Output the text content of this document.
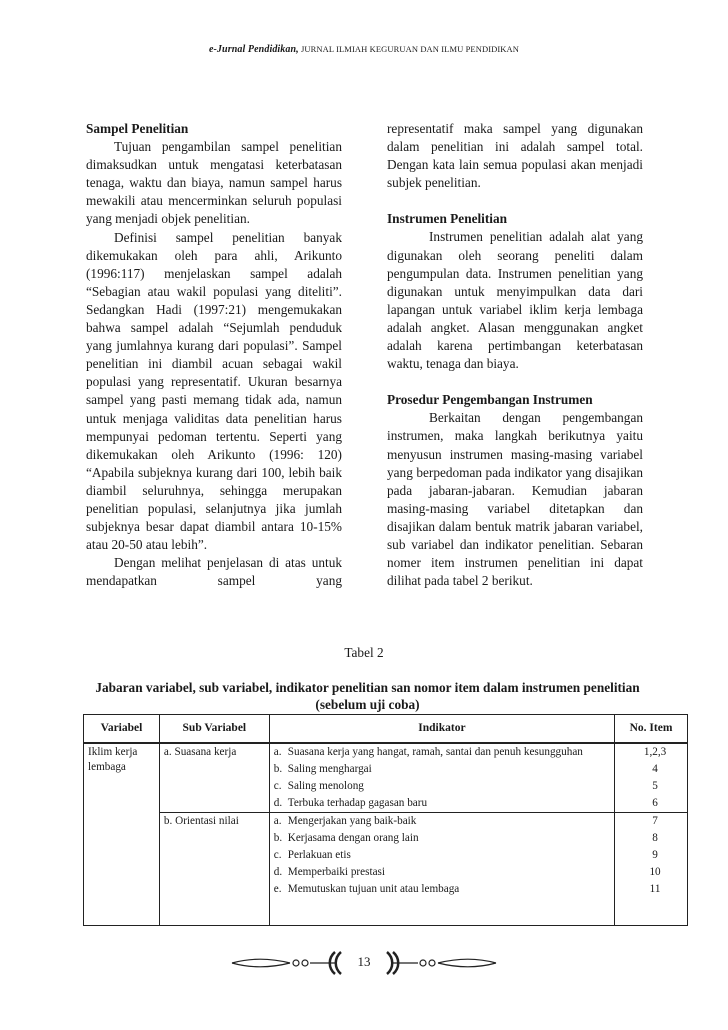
e-Jurnal Pendidikan, JURNAL ILMIAH KEGURUAN DAN ILMU PENDIDIKAN
Sampel Penelitian

Tujuan pengambilan sampel penelitian dimaksudkan untuk mengatasi keterbatasan tenaga, waktu dan biaya, namun sampel harus mewakili atau mencerminkan seluruh populasi yang menjadi objek penelitian.

Definisi sampel penelitian banyak dikemukakan oleh para ahli, Arikunto (1996:117) menjelaskan sampel adalah “Sebagian atau wakil populasi yang diteliti”. Sedangkan Hadi (1997:21) mengemukakan bahwa sampel adalah “Sejumlah penduduk yang jumlahnya kurang dari populasi”. Sampel penelitian ini diambil acuan sebagai wakil populasi yang representatif. Ukuran besarnya sampel yang pasti memang tidak ada, namun untuk menjaga validitas data penelitian harus mempunyai pedoman tertentu. Seperti yang dikemukakan oleh Arikunto (1996: 120) “Apabila subjeknya kurang dari 100, lebih baik diambil seluruhnya, sehingga merupakan penelitian populasi, selanjutnya jika jumlah subjeknya besar dapat diambil antara 10-15% atau 20-50 atau lebih”.

Dengan melihat penjelasan di atas untuk mendapatkan sampel yang

representatif maka sampel yang digunakan dalam penelitian ini adalah sampel total. Dengan kata lain semua populasi akan menjadi subjek penelitian.

Instrumen Penelitian

Instrumen penelitian adalah alat yang digunakan oleh seorang peneliti dalam pengumpulan data. Instrumen penelitian yang digunakan untuk menyimpulkan data dari lapangan untuk variabel iklim kerja lembaga adalah angket. Alasan menggunakan angket adalah karena pertimbangan keterbatasan waktu, tenaga dan biaya.

Prosedur Pengembangan Instrumen

Berkaitan dengan pengembangan instrumen, maka langkah berikutnya yaitu menyusun instrumen masing-masing variabel yang berpedoman pada indikator yang disajikan pada jabaran-jabaran. Kemudian jabaran masing-masing variabel ditetapkan dan disajikan dalam bentuk matrik jabaran variabel, sub variabel dan indikator penelitian. Sebaran nomer item instrumen penelitian ini dapat dilihat pada tabel 2 berikut.

Tabel 2
Jabaran variabel, sub variabel, indikator penelitian san nomor item dalam instrumen penelitian (sebelum uji coba)
Variabel	Sub Variabel	Indikator	No. Item
Iklim kerja lembaga	a. Suasana kerja	a. Suasana kerja yang hangat, ramah, santai dan penuh kesungguhan	1,2,3

		b. Saling menghargai	4

		c. Saling menolong	5

		d. Terbuka terhadap gagasan baru	6
	b. Orientasi nilai	a. Mengerjakan yang baik-baik	7

		b. Kerjasama dengan orang lain	8

		c. Perlakuan etis	9

		d. Memperbaiki prestasi	10

		e. Memutuskan tujuan unit atau lembaga	11
13
